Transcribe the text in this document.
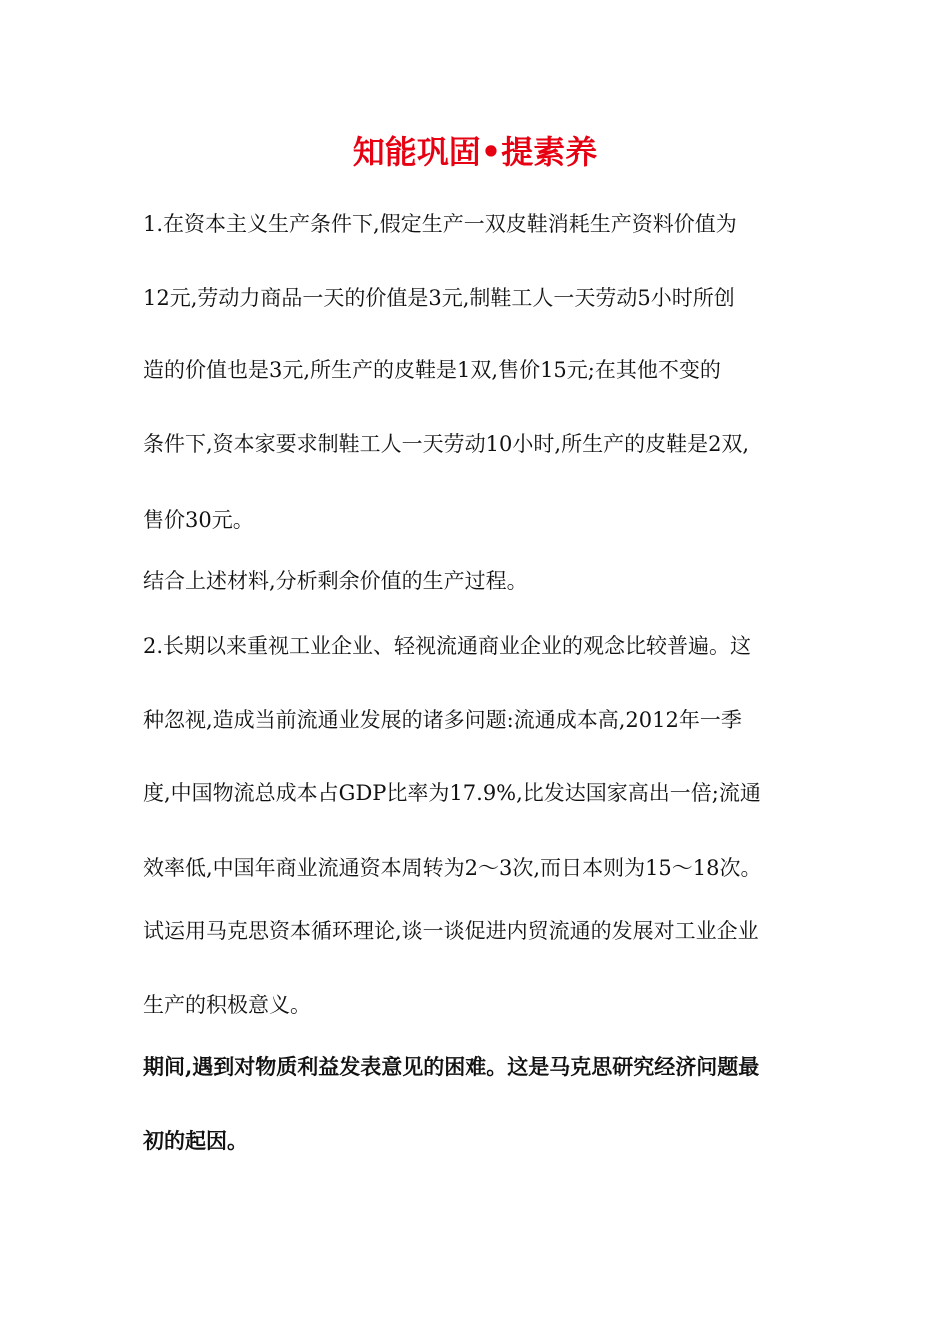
知能巩固•提素养

1.在资本主义生产条件下,假定生产一双皮鞋消耗生产资料价值为

12元,劳动力商品一天的价值是3元,制鞋工人一天劳动5小时所创

造的价值也是3元,所生产的皮鞋是1双,售价15元;在其他不变的

条件下,资本家要求制鞋工人一天劳动10小时,所生产的皮鞋是2双,

售价30元。

结合上述材料,分析剩余价值的生产过程。

2.长期以来重视工业企业、轻视流通商业企业的观念比较普遍。这

种忽视,造成当前流通业发展的诸多问题:流通成本高,2012年一季

度,中国物流总成本占GDP比率为17.9%,比发达国家高出一倍;流通

效率低,中国年商业流通资本周转为2～3次,而日本则为15～18次。

试运用马克思资本循环理论,谈一谈促进内贸流通的发展对工业企业

生产的积极意义。

期间,遇到对物质利益发表意见的困难。这是马克思研究经济问题最

初的起因。
